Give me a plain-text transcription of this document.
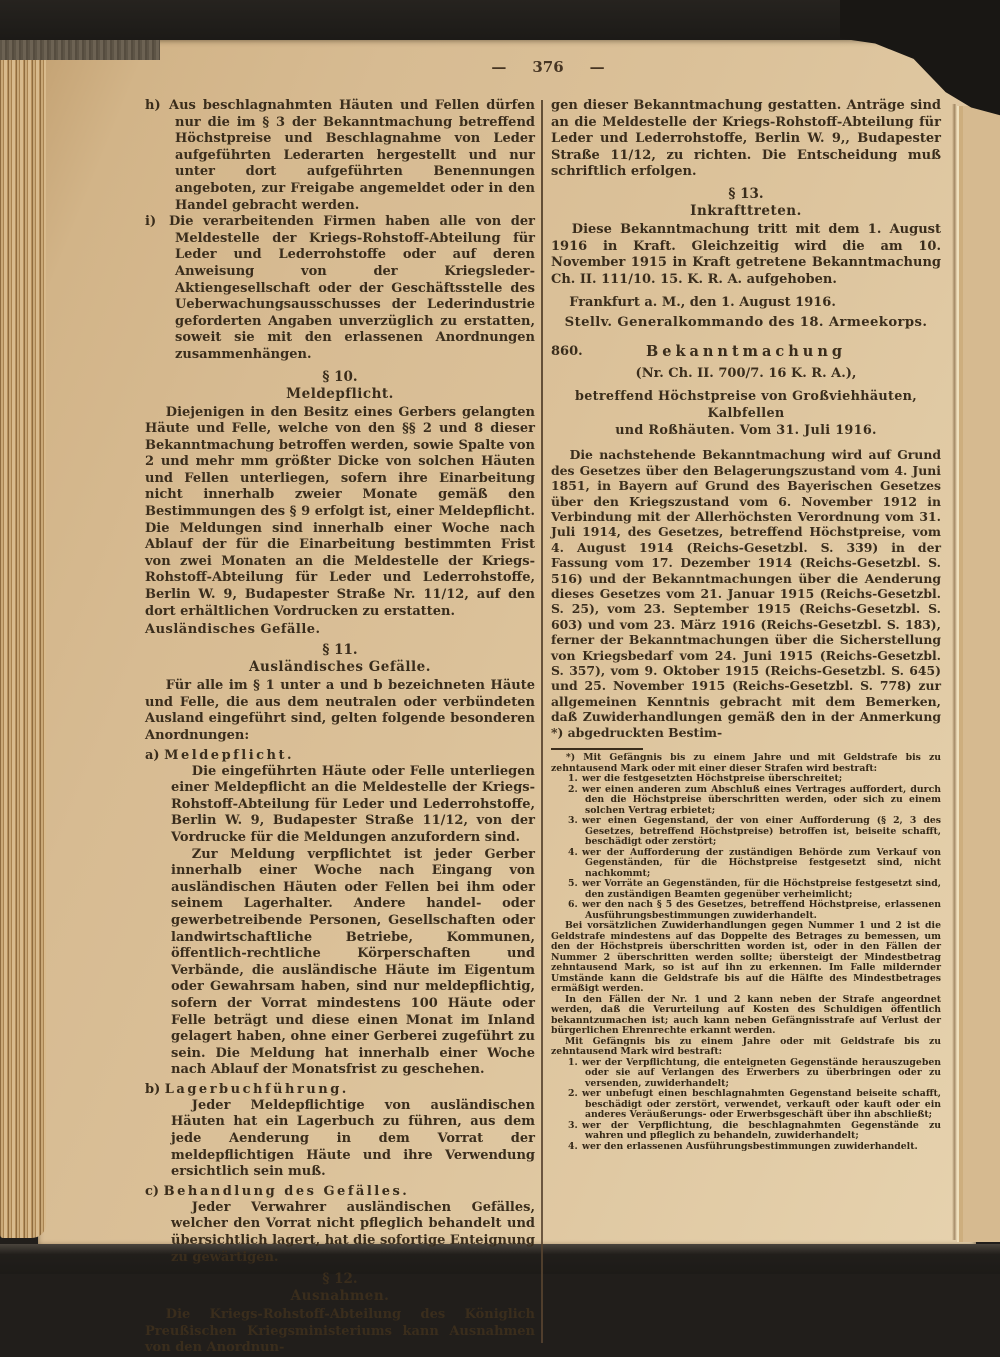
— 376 —

h) Aus beschlagnahmten Häuten und Fellen dürfen nur die im § 3 der Bekanntmachung betreffend Höchstpreise und Beschlagnahme von Leder aufgeführten Lederarten hergestellt und nur unter dort aufgeführten Benennungen angeboten, zur Freigabe angemeldet oder in den Handel gebracht werden.

i) Die verarbeitenden Firmen haben alle von der Meldestelle der Kriegs-Rohstoff-Abteilung für Leder und Lederrohstoffe oder auf deren Anweisung von der Kriegsleder-Aktiengesellschaft oder der Geschäftsstelle des Ueberwachungsausschusses der Lederindustrie geforderten Angaben unverzüglich zu erstatten, soweit sie mit den erlassenen Anordnungen zusammenhängen.

§ 10.

Meldepflicht.

Diejenigen in den Besitz eines Gerbers gelangten Häute und Felle, welche von den §§ 2 und 8 dieser Bekanntmachung betroffen werden, sowie Spalte von 2 und mehr mm größter Dicke von solchen Häuten und Fellen unterliegen, sofern ihre Einarbeitung nicht innerhalb zweier Monate gemäß den Bestimmungen des § 9 erfolgt ist, einer Meldepflicht. Die Meldungen sind innerhalb einer Woche nach Ablauf der für die Einarbeitung bestimmten Frist von zwei Monaten an die Meldestelle der Kriegs-Rohstoff-Abteilung für Leder und Lederrohstoffe, Berlin W. 9, Budapester Straße Nr. 11/12, auf den dort erhältlichen Vordrucken zu erstatten.

Ausländisches Gefälle.

§ 11.

Ausländisches Gefälle.

Für alle im § 1 unter a und b bezeichneten Häute und Felle, die aus dem neutralen oder verbündeten Ausland eingeführt sind, gelten folgende besonderen Anordnungen:

a) Meldepflicht.

Die eingeführten Häute oder Felle unterliegen einer Meldepflicht an die Meldestelle der Kriegs-Rohstoff-Abteilung für Leder und Lederrohstoffe, Berlin W. 9, Budapester Straße 11/12, von der Vordrucke für die Meldungen anzufordern sind.

Zur Meldung verpflichtet ist jeder Gerber innerhalb einer Woche nach Eingang von ausländischen Häuten oder Fellen bei ihm oder seinem Lagerhalter. Andere handel- oder gewerbetreibende Personen, Gesellschaften oder landwirtschaftliche Betriebe, Kommunen, öffentlich-rechtliche Körperschaften und Verbände, die ausländische Häute im Eigentum oder Gewahrsam haben, sind nur meldepflichtig, sofern der Vorrat mindestens 100 Häute oder Felle beträgt und diese einen Monat im Inland gelagert haben, ohne einer Gerberei zugeführt zu sein. Die Meldung hat innerhalb einer Woche nach Ablauf der Monatsfrist zu geschehen.

b) Lagerbuchführung.

Jeder Meldepflichtige von ausländischen Häuten hat ein Lagerbuch zu führen, aus dem jede Aenderung in dem Vorrat der meldepflichtigen Häute und ihre Verwendung ersichtlich sein muß.

c) Behandlung des Gefälles.

Jeder Verwahrer ausländischen Gefälles, welcher den Vorrat nicht pfleglich behandelt und übersichtlich lagert, hat die sofortige Enteignung zu gewärtigen.

§ 12.

Ausnahmen.

Die Kriegs-Rohstoff-Abteilung des Königlich Preußischen Kriegsministeriums kann Ausnahmen von den Anordnun-

gen dieser Bekanntmachung gestatten. Anträge sind an die Meldestelle der Kriegs-Rohstoff-Abteilung für Leder und Lederrohstoffe, Berlin W. 9,, Budapester Straße 11/12, zu richten. Die Entscheidung muß schriftlich erfolgen.

§ 13.

Inkrafttreten.

Diese Bekanntmachung tritt mit dem 1. August 1916 in Kraft. Gleichzeitig wird die am 10. November 1915 in Kraft getretene Bekanntmachung Ch. II. 111/10. 15. K. R. A. aufgehoben.

Frankfurt a. M., den 1. August 1916.

Stellv. Generalkommando des 18. Armeekorps.

860.	Bekanntmachung

(Nr. Ch. II. 700/7. 16 K. R. A.),

betreffend Höchstpreise von Großviehhäuten, Kalbfellen
und Roßhäuten. Vom 31. Juli 1916.

Die nachstehende Bekanntmachung wird auf Grund des Gesetzes über den Belagerungszustand vom 4. Juni 1851, in Bayern auf Grund des Bayerischen Gesetzes über den Kriegszustand vom 6. November 1912 in Verbindung mit der Allerhöchsten Verordnung vom 31. Juli 1914, des Gesetzes, betreffend Höchstpreise, vom 4. August 1914 (Reichs-Gesetzbl. S. 339) in der Fassung vom 17. Dezember 1914 (Reichs-Gesetzbl. S. 516) und der Bekanntmachungen über die Aenderung dieses Gesetzes vom 21. Januar 1915 (Reichs-Gesetzbl. S. 25), vom 23. September 1915 (Reichs-Gesetzbl. S. 603) und vom 23. März 1916 (Reichs-Gesetzbl. S. 183), ferner der Bekanntmachungen über die Sicherstellung von Kriegsbedarf vom 24. Juni 1915 (Reichs-Gesetzbl. S. 357), vom 9. Oktober 1915 (Reichs-Gesetzbl. S. 645) und 25. November 1915 (Reichs-Gesetzbl. S. 778) zur allgemeinen Kenntnis gebracht mit dem Bemerken, daß Zuwiderhandlungen gemäß den in der Anmerkung *) abgedruckten Bestim-

*) Mit Gefängnis bis zu einem Jahre und mit Geldstrafe bis zu zehntausend Mark oder mit einer dieser Strafen wird bestraft:

1. wer die festgesetzten Höchstpreise überschreitet;

2. wer einen anderen zum Abschluß eines Vertrages auffordert, durch den die Höchstpreise überschritten werden, oder sich zu einem solchen Vertrag erbietet;

3. wer einen Gegenstand, der von einer Aufforderung (§ 2, 3 des Gesetzes, betreffend Höchstpreise) betroffen ist, beiseite schafft, beschädigt oder zerstört;

4. wer der Aufforderung der zuständigen Behörde zum Verkauf von Gegenständen, für die Höchstpreise festgesetzt sind, nicht nachkommt;

5. wer Vorräte an Gegenständen, für die Höchstpreise festgesetzt sind, den zuständigen Beamten gegenüber verheimlicht;

6. wer den nach § 5 des Gesetzes, betreffend Höchstpreise, erlassenen Ausführungsbestimmungen zuwiderhandelt.

Bei vorsätzlichen Zuwiderhandlungen gegen Nummer 1 und 2 ist die Geldstrafe mindestens auf das Doppelte des Betrages zu bemessen, um den der Höchstpreis überschritten worden ist, oder in den Fällen der Nummer 2 überschritten werden sollte; übersteigt der Mindestbetrag zehntausend Mark, so ist auf ihn zu erkennen. Im Falle mildernder Umstände kann die Geldstrafe bis auf die Hälfte des Mindestbetrages ermäßigt werden.

In den Fällen der Nr. 1 und 2 kann neben der Strafe angeordnet werden, daß die Verurteilung auf Kosten des Schuldigen öffentlich bekanntzumachen ist; auch kann neben Gefängnisstrafe auf Verlust der bürgerlichen Ehrenrechte erkannt werden.

Mit Gefängnis bis zu einem Jahre oder mit Geldstrafe bis zu zehntausend Mark wird bestraft:

1. wer der Verpflichtung, die enteigneten Gegenstände herauszugeben oder sie auf Verlangen des Erwerbers zu überbringen oder zu versenden, zuwiderhandelt;

2. wer unbefugt einen beschlagnahmten Gegenstand beiseite schafft, beschädigt oder zerstört, verwendet, verkauft oder kauft oder ein anderes Veräußerungs- oder Erwerbsgeschäft über ihn abschließt;

3. wer der Verpflichtung, die beschlagnahmten Gegenstände zu wahren und pfleglich zu behandeln, zuwiderhandelt;

4. wer den erlassenen Ausführungsbestimmungen zuwiderhandelt.
